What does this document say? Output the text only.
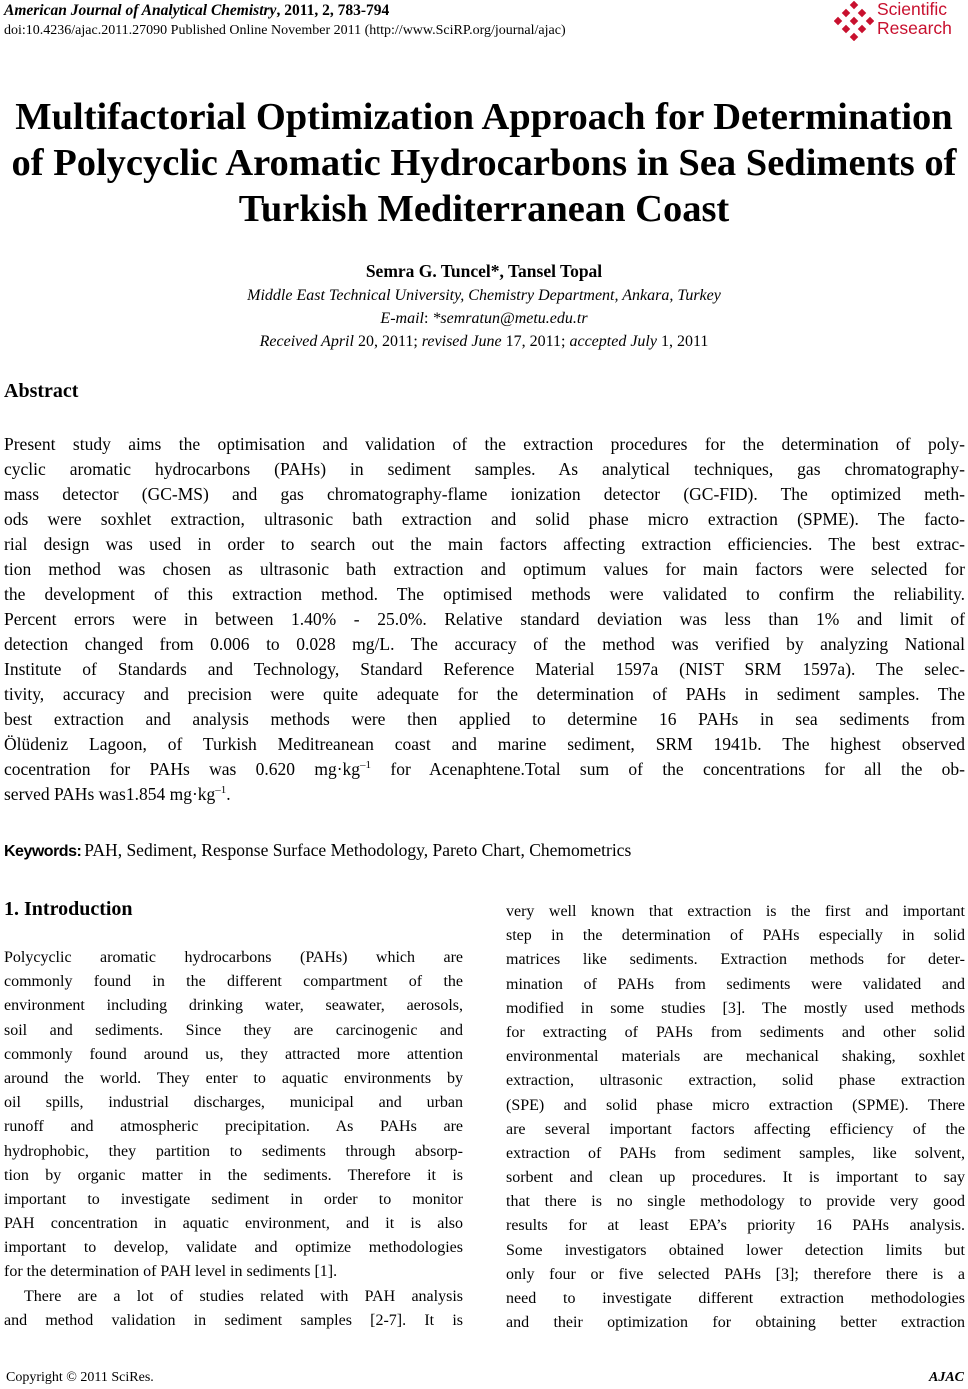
American Journal of Analytical Chemistry, 2011, 2, 783-794
doi:10.4236/ajac.2011.27090 Published Online November 2011 (http://www.SciRP.org/journal/ajac)
Scientific
Research
Multifactorial Optimization Approach for Determination
of Polycyclic Aromatic Hydrocarbons in Sea Sediments of
Turkish Mediterranean Coast
Semra G. Tuncel*, Tansel Topal
Middle East Technical University, Chemistry Department, Ankara, Turkey
E-mail: *semratun@metu.edu.tr
Received April 20, 2011; revised June 17, 2011; accepted July 1, 2011
Abstract
Present study aims the optimisation and validation of the extraction procedures for the determination of poly-
cyclic aromatic hydrocarbons (PAHs) in sediment samples. As analytical techniques, gas chromatography-
mass detector (GC-MS) and gas chromatography-flame ionization detector (GC-FID). The optimized meth-
ods were soxhlet extraction, ultrasonic bath extraction and solid phase micro extraction (SPME). The facto-
rial design was used in order to search out the main factors affecting extraction efficiencies. The best extrac-
tion method was chosen as ultrasonic bath extraction and optimum values for main factors were selected for
the development of this extraction method. The optimised methods were validated to confirm the reliability.
Percent errors were in between 1.40% - 25.0%. Relative standard deviation was less than 1% and limit of
detection changed from 0.006 to 0.028 mg/L. The accuracy of the method was verified by analyzing National
Institute of Standards and Technology, Standard Reference Material 1597a (NIST SRM 1597a). The selec-
tivity, accuracy and precision were quite adequate for the determination of PAHs in sediment samples. The
best extraction and analysis methods were then applied to determine 16 PAHs in sea sediments from
Ölüdeniz Lagoon, of Turkish Meditreanean coast and marine sediment, SRM 1941b. The highest observed
cocentration for PAHs was 0.620 $mg\cdot kg^{-1}$ for Acenaphtene.Total sum of the concentrations for all the ob-
served PAHs was1.854 $mg\cdot kg^{-1}$.
Keywords: PAH, Sediment, Response Surface Methodology, Pareto Chart, Chemometrics
1. Introduction
Polycyclic aromatic hydrocarbons (PAHs) which are
commonly found in the different compartment of the
environment including drinking water, seawater, aerosols,
soil and sediments. Since they are carcinogenic and
commonly found around us, they attracted more attention
around the world. They enter to aquatic environments by
oil spills, industrial discharges, municipal and urban
runoff and atmospheric precipitation. As PAHs are
hydrophobic, they partition to sediments through absorp-
tion by organic matter in the sediments. Therefore it is
important to investigate sediment in order to monitor
PAH concentration in aquatic environment, and it is also
important to develop, validate and optimize methodologies
for the determination of PAH level in sediments [1].
There are a lot of studies related with PAH analysis
and method validation in sediment samples [2-7]. It is
very well known that extraction is the first and important
step in the determination of PAHs especially in solid
matrices like sediments. Extraction methods for deter-
mination of PAHs from sediments were validated and
modified in some studies [3]. The mostly used methods
for extracting of PAHs from sediments and other solid
environmental materials are mechanical shaking, soxhlet
extraction, ultrasonic extraction, solid phase extraction
(SPE) and solid phase micro extraction (SPME). There
are several important factors affecting efficiency of the
extraction of PAHs from sediment samples, like solvent,
sorbent and clean up procedures. It is important to say
that there is no single methodology to provide very good
results for at least EPA’s priority 16 PAHs analysis.
Some investigators obtained lower detection limits but
only four or five selected PAHs [3]; therefore there is a
need to investigate different extraction methodologies
and their optimization for obtaining better extraction
Copyright © 2011 SciRes.	AJAC
